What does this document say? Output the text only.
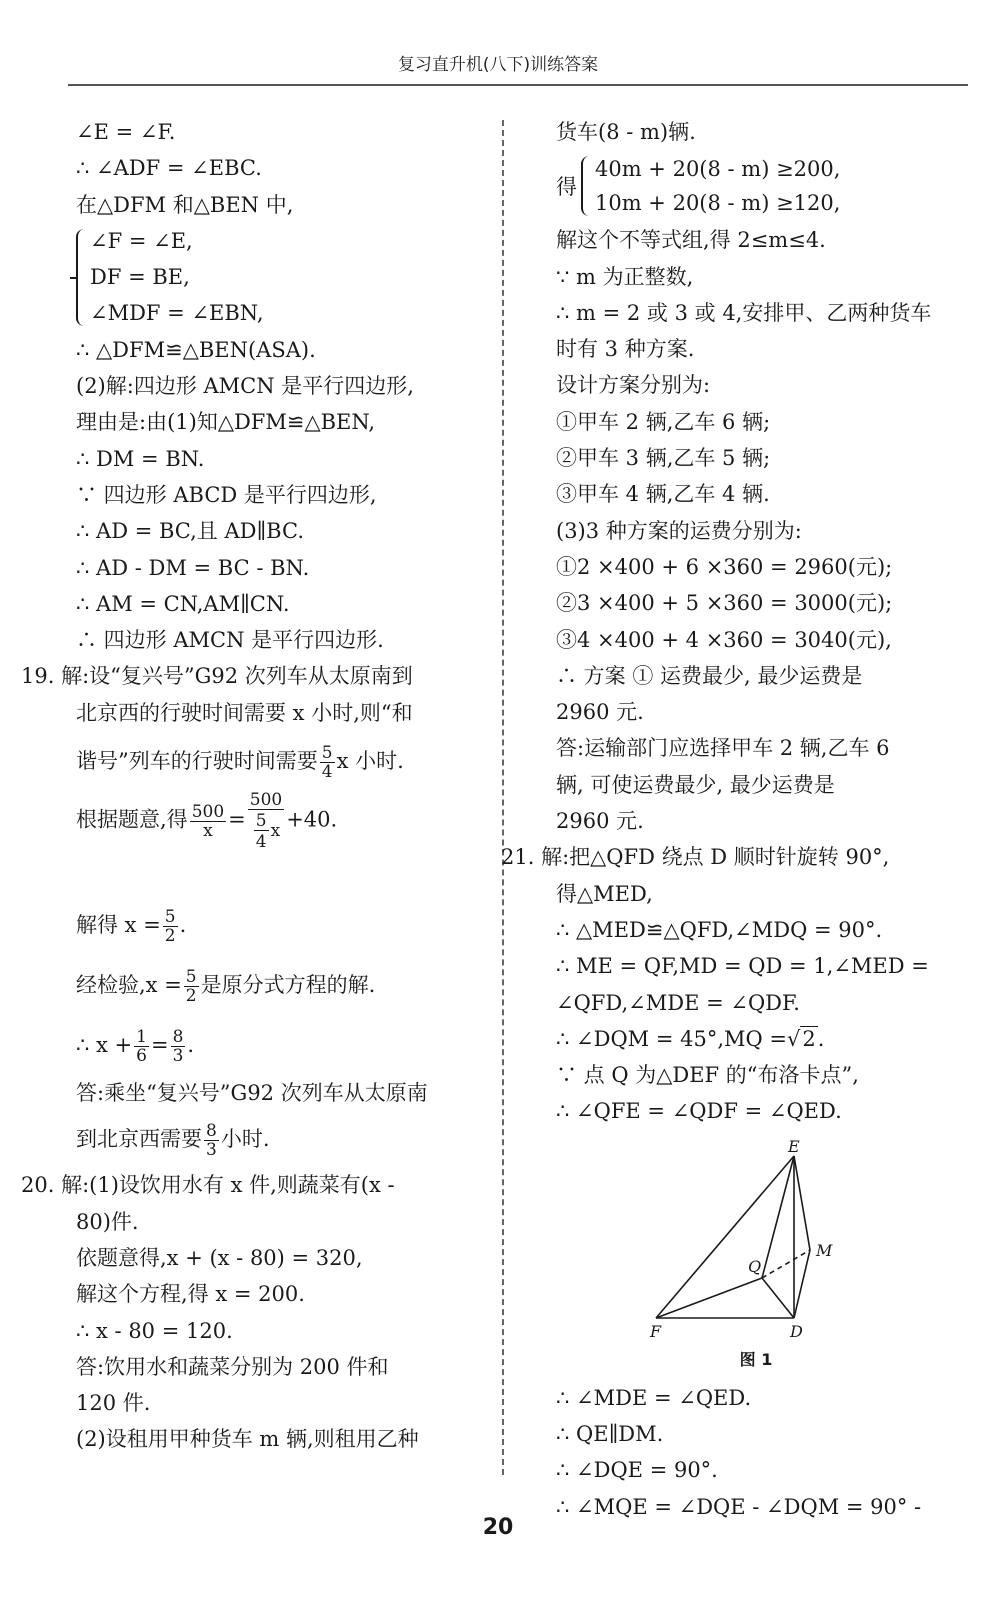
复习直升机(八下)训练答案
∠E = ∠F.
∴ ∠ADF = ∠EBC.
在△DFM 和△BEN 中,
∠F = ∠E,
DF = BE,
∠MDF = ∠EBN,
∴ △DFM≌△BEN(ASA).
(2)解:四边形 AMCN 是平行四边形,
理由是:由(1)知△DFM≌△BEN,
∴ DM = BN.
∵ 四边形 ABCD 是平行四边形,
∴ AD = BC,且 AD∥BC.
∴ AD - DM = BC - BN.
∴ AM = CN,AM∥CN.
∴ 四边形 AMCN 是平行四边形.
19. 解:设“复兴号”G92 次列车从太原南到
北京西的行驶时间需要 x 小时,则“和
谐号”列车的行驶时间需要 $\frac{5}{4}$ x 小时.
根据题意,得 $\frac{500}{x} = \frac{500}{\frac{5}{4} x} +40$.
解得 $x = \frac{5}{2}$ .
经检验$,x = \frac{5}{2}$ 是原分式方程的解.
∴ $x + \frac{1}{6} = \frac{8}{3}$ .
答:乘坐“复兴号”G92 次列车从太原南
到北京西需要 $\frac{8}{3}$ 小时.
20. 解:(1)设饮用水有 x 件,则蔬菜有(x -
80)件.
依题意得,x + (x - 80) = 320,
解这个方程,得 x = 200.
∴ x - 80 = 120.
答:饮用水和蔬菜分别为 200 件和
120 件.
(2)设租用甲种货车 m 辆,则租用乙种
货车(8 - m)辆.
得
40m + 20(8 - m) ≥200,
10m + 20(8 - m) ≥120,
解这个不等式组,得 2≤m≤4.
∵ m 为正整数,
∴ m = 2 或 3 或 4,安排甲、乙两种货车
时有 3 种方案.
设计方案分别为:
①甲车 2 辆,乙车 6 辆;
②甲车 3 辆,乙车 5 辆;
③甲车 4 辆,乙车 4 辆.
(3)3 种方案的运费分别为:
①2 ×400 + 6 ×360 = 2960(元);
②3 ×400 + 5 ×360 = 3000(元);
③4 ×400 + 4 ×360 = 3040(元),
∴ 方案 ① 运费最少, 最少运费是
2960 元.
答:运输部门应选择甲车 2 辆,乙车 6
辆, 可使运费最少, 最少运费是
2960 元.
21. 解:把△QFD 绕点 D 顺时针旋转 90°,
得△MED,
∴ △MED≌△QFD,∠MDQ = 90°.
∴ ME = QF,MD = QD = 1,∠MED =
∠QFD,∠MDE = ∠QDF.
∴ ∠DQM = 45°,MQ =√2.
∵ 点 Q 为△DEF 的“布洛卡点”,
∴ ∠QFE = ∠QDF = ∠QED.
E
Q
M
F	D
图 1
∴ ∠MDE = ∠QED.
∴ QE∥DM.
∴ ∠DQE = 90°.
∴ ∠MQE = ∠DQE - ∠DQM = 90° -
20
